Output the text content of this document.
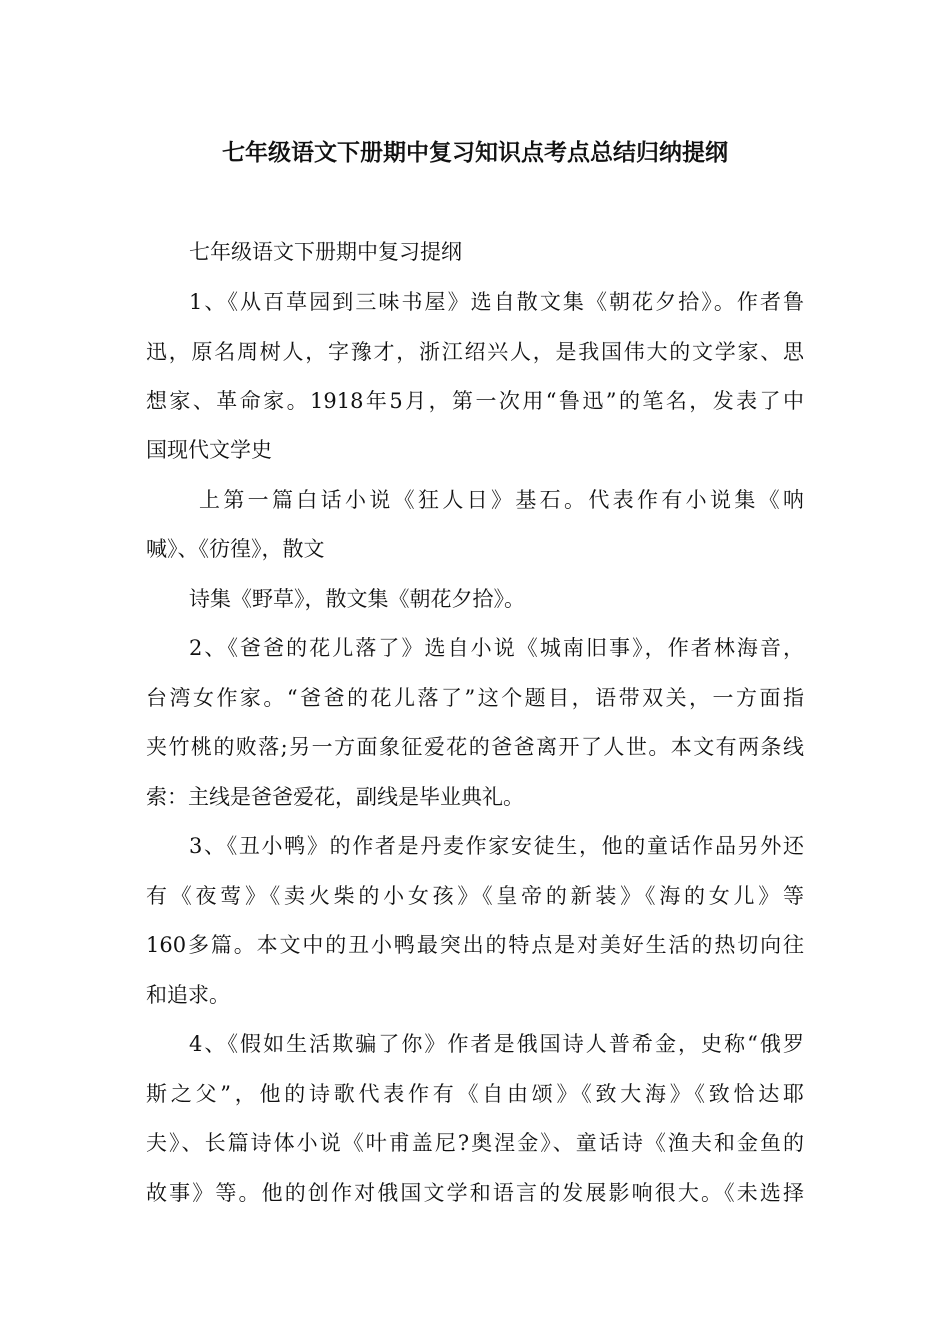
七年级语文下册期中复习知识点考点总结归纳提纲

七年级语文下册期中复习提纲

1、《从百草园到三味书屋》选自散文集《朝花夕拾》。作者鲁

迅，原名周树人，字豫才，浙江绍兴人，是我国伟大的文学家、思

想家、革命家。1918年5月，第一次用“鲁迅”的笔名，发表了中

国现代文学史

上第一篇白话小说《狂人日》基石。代表作有小说集《呐

喊》、《彷徨》，散文

诗集《野草》，散文集《朝花夕拾》。

2、《爸爸的花儿落了》选自小说《城南旧事》，作者林海音，

台湾女作家。“爸爸的花儿落了”这个题目，语带双关，一方面指

夹竹桃的败落;另一方面象征爱花的爸爸离开了人世。本文有两条线

索：主线是爸爸爱花，副线是毕业典礼。

3、《丑小鸭》的作者是丹麦作家安徒生，他的童话作品另外还

有《夜莺》《卖火柴的小女孩》《皇帝的新装》《海的女儿》等

160多篇。本文中的丑小鸭最突出的特点是对美好生活的热切向往

和追求。

4、《假如生活欺骗了你》作者是俄国诗人普希金，史称“俄罗

斯之父”，他的诗歌代表作有《自由颂》《致大海》《致恰达耶

夫》、长篇诗体小说《叶甫盖尼?奥涅金》、童话诗《渔夫和金鱼的

故事》等。他的创作对俄国文学和语言的发展影响很大。《未选择
